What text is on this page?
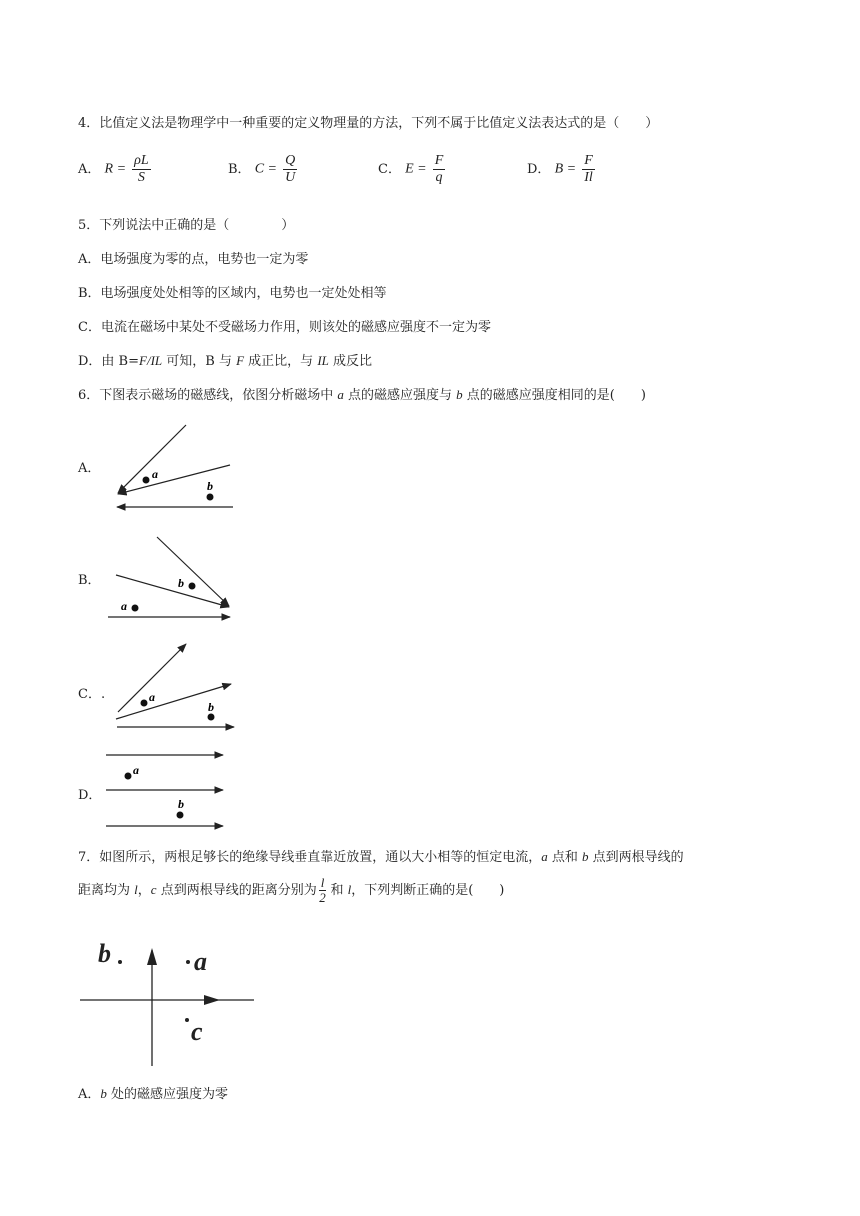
4．比值定义法是物理学中一种重要的定义物理量的方法，下列不属于比值定义法表达式的是（　　）
A． $R = \frac{\rho L}{S}$	B． $C = \frac{Q}{U}$	C． $E = \frac{F}{q}$	D． $B = \frac{F}{Il}$
5．下列说法中正确的是（　　　　）
A．电场强度为零的点，电势也一定为零
B．电场强度处处相等的区域内，电势也一定处处相等
C．电流在磁场中某处不受磁场力作用，则该处的磁感应强度不一定为零
D．由 B=F/IL 可知，B 与 F 成正比，与 IL 成反比
6．下图表示磁场的磁感线，依图分析磁场中 a 点的磁感应强度与 b 点的磁感应强度相同的是(　　)
A．	a
b
B．	b
a
C．.	a
b
D．
a
b
7．如图所示，两根足够长的绝缘导线垂直靠近放置，通以大小相等的恒定电流，a 点和 b 点到两根导线的
距离均为 l，c 点到两根导线的距离分别为 $\frac{l}{2}$ 和 l，下列判断正确的是(　　)
b	a
c
A．b 处的磁感应强度为零
